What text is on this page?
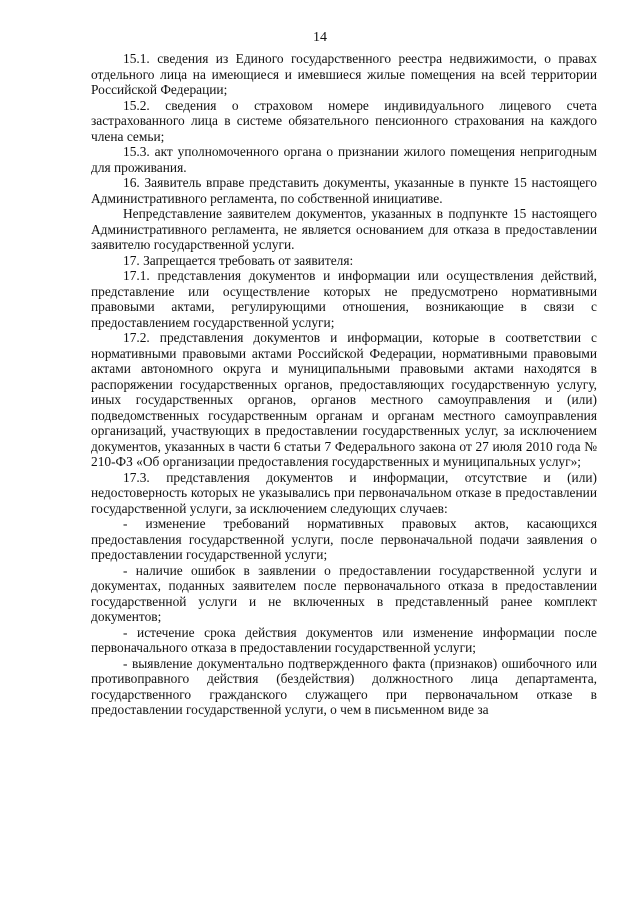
14

15.1. сведения из Единого государственного реестра недвижимости, о правах отдельного лица на имеющиеся и имевшиеся жилые помещения на всей территории Российской Федерации;

15.2. сведения о страховом номере индивидуального лицевого счета застрахованного лица в системе обязательного пенсионного страхования на каждого члена семьи;

15.3. акт уполномоченного органа о признании жилого помещения непригодным для проживания.

16. Заявитель вправе представить документы, указанные в пункте 15 настоящего Административного регламента, по собственной инициативе.

Непредставление заявителем документов, указанных в подпункте 15 настоящего Административного регламента, не является основанием для отказа в предоставлении заявителю государственной услуги.

17. Запрещается требовать от заявителя:

17.1. представления документов и информации или осуществления действий, представление или осуществление которых не предусмотрено нормативными правовыми актами, регулирующими отношения, возникающие в связи с предоставлением государственной услуги;

17.2. представления документов и информации, которые в соответствии с нормативными правовыми актами Российской Федерации, нормативными правовыми актами автономного округа и муниципальными правовыми актами находятся в распоряжении государственных органов, предоставляющих государственную услугу, иных государственных органов, органов местного самоуправления и (или) подведомственных государственным органам и органам местного самоуправления организаций, участвующих в предоставлении государственных услуг, за исключением документов, указанных в части 6 статьи 7 Федерального закона от 27 июля 2010 года № 210-ФЗ «Об организации предоставления государственных и муниципальных услуг»;

17.3. представления документов и информации, отсутствие и (или) недостоверность которых не указывались при первоначальном отказе в предоставлении государственной услуги, за исключением следующих случаев:

- изменение требований нормативных правовых актов, касающихся предоставления государственной услуги, после первоначальной подачи заявления о предоставлении государственной услуги;

- наличие ошибок в заявлении о предоставлении государственной услуги и документах, поданных заявителем после первоначального отказа в предоставлении государственной услуги и не включенных в представленный ранее комплект документов;

- истечение срока действия документов или изменение информации после первоначального отказа в предоставлении государственной услуги;

- выявление документально подтвержденного факта (признаков) ошибочного или противоправного действия (бездействия) должностного лица департамента, государственного гражданского служащего при первоначальном отказе в предоставлении государственной услуги, о чем в письменном виде за
